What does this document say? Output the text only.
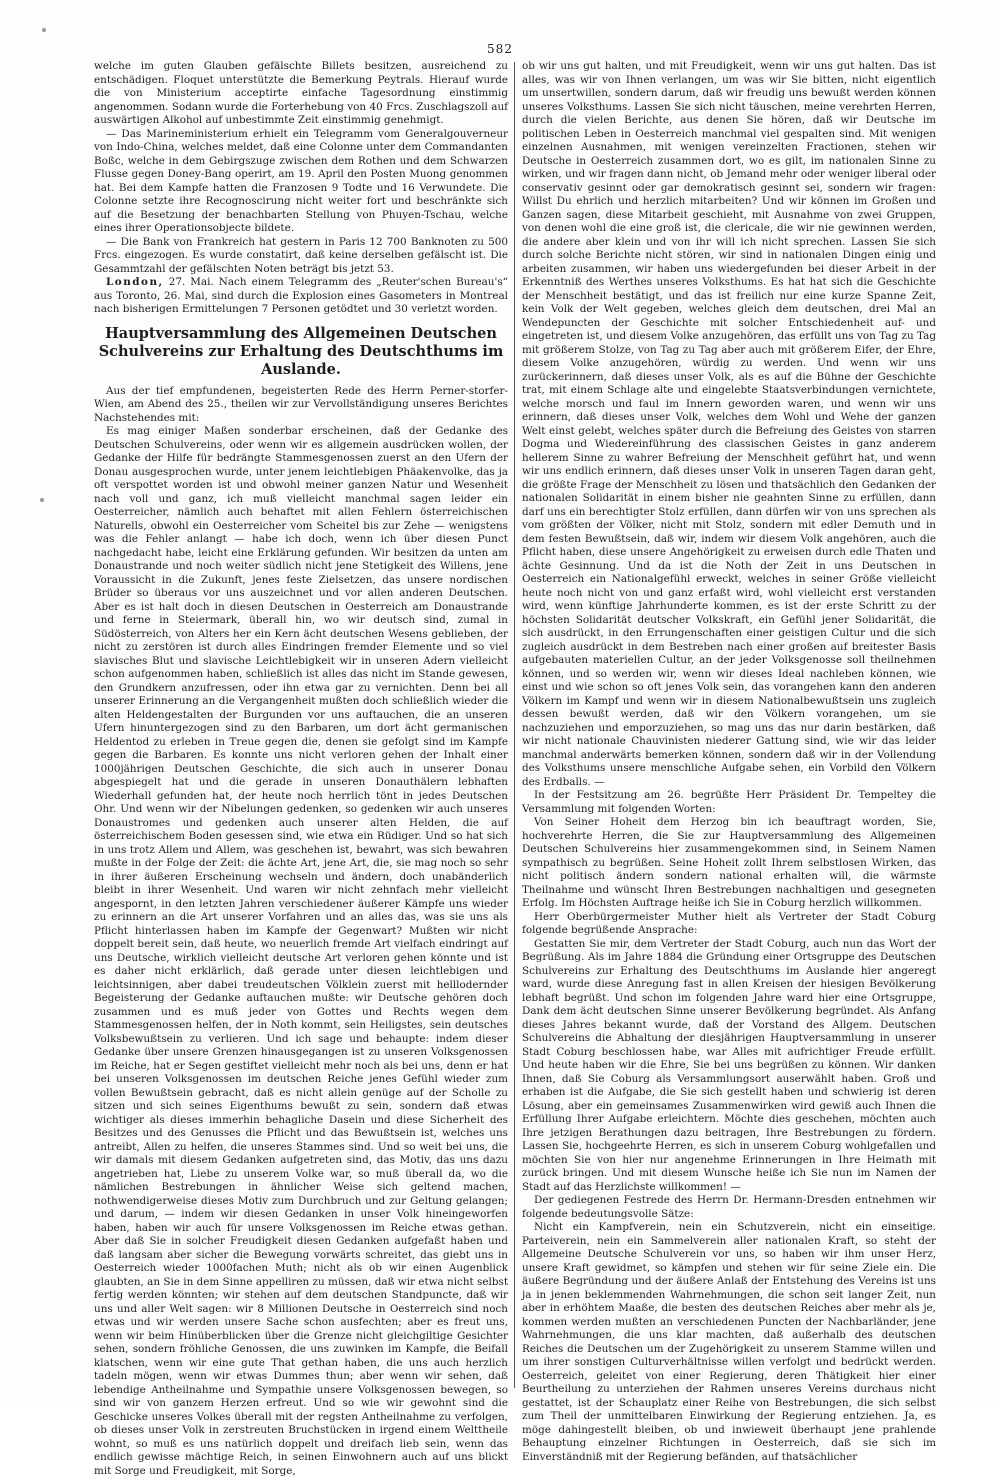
582

welche im guten Glauben gefälschte Billets besitzen, ausreichend zu entschädigen. Floquet unterstützte die Bemerkung Peytrals. Hierauf wurde die von Ministerium acceptirte einfache Tagesordnung einstimmig angenommen. Sodann wurde die Forterhebung von 40 Frcs. Zuschlagszoll auf auswärtigen Alkohol auf unbestimmte Zeit einstimmig genehmigt.

— Das Marineministerium erhielt ein Telegramm vom Generalgouverneur von Indo-China, welches meldet, daß eine Colonne unter dem Commandanten Boßc, welche in dem Gebirgszuge zwischen dem Rothen und dem Schwarzen Flusse gegen Doney-Bang operirt, am 19. April den Posten Muong genommen hat. Bei dem Kampfe hatten die Franzosen 9 Todte und 16 Verwundete. Die Colonne setzte ihre Recognoscirung nicht weiter fort und beschränkte sich auf die Besetzung der benachbarten Stellung von Phuyen-Tschau, welche eines ihrer Operationsobjecte bildete.

— Die Bank von Frankreich hat gestern in Paris 12 700 Banknoten zu 500 Frcs. eingezogen. Es wurde constatirt, daß keine derselben gefälscht ist. Die Gesammtzahl der gefälschten Noten beträgt bis jetzt 53.

London, 27. Mai. Nach einem Telegramm des „Reuter'schen Bureau's“ aus Toronto, 26. Mai, sind durch die Explosion eines Gasometers in Montreal nach bisherigen Ermittelungen 7 Personen getödtet und 30 verletzt worden.

Hauptversammlung des Allgemeinen Deutschen Schulvereins zur Erhaltung des Deutschthums im Auslande.

Aus der tief empfundenen, begeisterten Rede des Herrn Perner-storfer-Wien, am Abend des 25., theilen wir zur Vervollständigung unseres Berichtes Nachstehendes mit:

Es mag einiger Maßen sonderbar erscheinen, daß der Gedanke des Deutschen Schulvereins, oder wenn wir es allgemein ausdrücken wollen, der Gedanke der Hilfe für bedrängte Stammesgenossen zuerst an den Ufern der Donau ausgesprochen wurde, unter jenem leichtlebigen Phäakenvolke, das ja oft verspottet worden ist und obwohl meiner ganzen Natur und Wesenheit nach voll und ganz, ich muß vielleicht manchmal sagen leider ein Oesterreicher, nämlich auch behaftet mit allen Fehlern österreichischen Naturells, obwohl ein Oesterreicher vom Scheitel bis zur Zehe — wenigstens was die Fehler anlangt — habe ich doch, wenn ich über diesen Punct nachgedacht habe, leicht eine Erklärung gefunden. Wir besitzen da unten am Donaustrande und noch weiter südlich nicht jene Stetigkeit des Willens, jene Voraussicht in die Zukunft, jenes feste Zielsetzen, das unsere nordischen Brüder so überaus vor uns auszeichnet und vor allen anderen Deutschen. Aber es ist halt doch in diesen Deutschen in Oesterreich am Donaustrande und ferne in Steiermark, überall hin, wo wir deutsch sind, zumal in Südösterreich, von Alters her ein Kern ächt deutschen Wesens geblieben, der nicht zu zerstören ist durch alles Eindringen fremder Elemente und so viel slavisches Blut und slavische Leichtlebigkeit wir in unseren Adern vielleicht schon aufgenommen haben, schließlich ist alles das nicht im Stande gewesen, den Grundkern anzufressen, oder ihn etwa gar zu vernichten. Denn bei all unserer Erinnerung an die Vergangenheit mußten doch schließlich wieder die alten Heldengestalten der Burgunden vor uns auftauchen, die an unseren Ufern hinuntergezogen sind zu den Barbaren, um dort ächt germanischen Heldentod zu erleben in Treue gegen die, denen sie gefolgt sind im Kampfe gegen die Barbaren. Es konnte uns nicht verloren gehen der Inhalt einer 1000jährigen Deutschen Geschichte, die sich auch in unserer Donau abgespiegelt hat und die gerade in unseren Donauthälern lebhaften Wiederhall gefunden hat, der heute noch herrlich tönt in jedes Deutschen Ohr. Und wenn wir der Nibelungen gedenken, so gedenken wir auch unseres Donaustromes und gedenken auch unserer alten Helden, die auf österreichischem Boden gesessen sind, wie etwa ein Rüdiger. Und so hat sich in uns trotz Allem und Allem, was geschehen ist, bewahrt, was sich bewahren mußte in der Folge der Zeit: die ächte Art, jene Art, die, sie mag noch so sehr in ihrer äußeren Erscheinung wechseln und ändern, doch unabänderlich bleibt in ihrer Wesenheit. Und waren wir nicht zehnfach mehr vielleicht angespornt, in den letzten Jahren verschiedener äußerer Kämpfe uns wieder zu erinnern an die Art unserer Vorfahren und an alles das, was sie uns als Pflicht hinterlassen haben im Kampfe der Gegenwart? Mußten wir nicht doppelt bereit sein, daß heute, wo neuerlich fremde Art vielfach eindringt auf uns Deutsche, wirklich vielleicht deutsche Art verloren gehen könnte und ist es daher nicht erklärlich, daß gerade unter diesen leichtlebigen und leichtsinnigen, aber dabei treudeutschen Völklein zuerst mit helllodernder Begeisterung der Gedanke auftauchen mußte: wir Deutsche gehören doch zusammen und es muß jeder von Gottes und Rechts wegen dem Stammesgenossen helfen, der in Noth kommt, sein Heiligstes, sein deutsches Volksbewußtsein zu verlieren. Und ich sage und behaupte: indem dieser Gedanke über unsere Grenzen hinausgegangen ist zu unseren Volksgenossen im Reiche, hat er Segen gestiftet vielleicht mehr noch als bei uns, denn er hat bei unseren Volksgenossen im deutschen Reiche jenes Gefühl wieder zum vollen Bewußtsein gebracht, daß es nicht allein genüge auf der Scholle zu sitzen und sich seines Eigenthums bewußt zu sein, sondern daß etwas wichtiger als dieses immerhin behagliche Dasein und diese Sicherheit des Besitzes und des Genusses die Pflicht und das Bewußtsein ist, welches uns antreibt, Allen zu helfen, die unseres Stammes sind. Und so weit bei uns, die wir damals mit diesem Gedanken aufgetreten sind, das Motiv, das uns dazu angetrieben hat, Liebe zu unserem Volke war, so muß überall da, wo die nämlichen Bestrebungen in ähnlicher Weise sich geltend machen, nothwendigerweise dieses Motiv zum Durchbruch und zur Geltung gelangen; und darum, — indem wir diesen Gedanken in unser Volk hineingeworfen haben, haben wir auch für unsere Volksgenossen im Reiche etwas gethan. Aber daß Sie in solcher Freudigkeit diesen Gedanken aufgefaßt haben und daß langsam aber sicher die Bewegung vorwärts schreitet, das giebt uns in Oesterreich wieder 1000fachen Muth; nicht als ob wir einen Augenblick glaubten, an Sie in dem Sinne appelliren zu müssen, daß wir etwa nicht selbst fertig werden könnten; wir stehen auf dem deutschen Standpuncte, daß wir uns und aller Welt sagen: wir 8 Millionen Deutsche in Oesterreich sind noch etwas und wir werden unsere Sache schon ausfechten; aber es freut uns, wenn wir beim Hinüberblicken über die Grenze nicht gleichgiltige Gesichter sehen, sondern fröhliche Genossen, die uns zuwinken im Kampfe, die Beifall klatschen, wenn wir eine gute That gethan haben, die uns auch herzlich tadeln mögen, wenn wir etwas Dummes thun; aber wenn wir sehen, daß lebendige Antheilnahme und Sympathie unsere Volksgenossen bewegen, so sind wir von ganzem Herzen erfreut. Und so wie wir gewohnt sind die Geschicke unseres Volkes überall mit der regsten Antheilnahme zu verfolgen, ob dieses unser Volk in zerstreuten Bruchstücken in irgend einem Welttheile wohnt, so muß es uns natürlich doppelt und dreifach lieb sein, wenn das endlich gewisse mächtige Reich, in seinen Einwohnern auch auf uns blickt mit Sorge und Freudigkeit, mit Sorge,

ob wir uns gut halten, und mit Freudigkeit, wenn wir uns gut halten. Das ist alles, was wir von Ihnen verlangen, um was wir Sie bitten, nicht eigentlich um unsertwillen, sondern darum, daß wir freudig uns bewußt werden können unseres Volksthums. Lassen Sie sich nicht täuschen, meine verehrten Herren, durch die vielen Berichte, aus denen Sie hören, daß wir Deutsche im politischen Leben in Oesterreich manchmal viel gespalten sind. Mit wenigen einzelnen Ausnahmen, mit wenigen vereinzelten Fractionen, stehen wir Deutsche in Oesterreich zusammen dort, wo es gilt, im nationalen Sinne zu wirken, und wir fragen dann nicht, ob Jemand mehr oder weniger liberal oder conservativ gesinnt oder gar demokratisch gesinnt sei, sondern wir fragen: Willst Du ehrlich und herzlich mitarbeiten? Und wir können im Großen und Ganzen sagen, diese Mitarbeit geschieht, mit Ausnahme von zwei Gruppen, von denen wohl die eine groß ist, die clericale, die wir nie gewinnen werden, die andere aber klein und von ihr will ich nicht sprechen. Lassen Sie sich durch solche Berichte nicht stören, wir sind in nationalen Dingen einig und arbeiten zusammen, wir haben uns wiedergefunden bei dieser Arbeit in der Erkenntniß des Werthes unseres Volksthums. Es hat hat sich die Geschichte der Menschheit bestätigt, und das ist freilich nur eine kurze Spanne Zeit, kein Volk der Welt gegeben, welches gleich dem deutschen, drei Mal an Wendepuncten der Geschichte mit solcher Entschiedenheit auf- und eingetreten ist, und diesem Volke anzugehören, das erfüllt uns von Tag zu Tag mit größerem Stolze, von Tag zu Tag aber auch mit größerem Eifer, der Ehre, diesem Volke anzugehören, würdig zu werden. Und wenn wir uns zurückerinnern, daß dieses unser Volk, als es auf die Bühne der Geschichte trat, mit einem Schlage alte und eingelebte Staatsverbindungen vernichtete, welche morsch und faul im Innern geworden waren, und wenn wir uns erinnern, daß dieses unser Volk, welches dem Wohl und Wehe der ganzen Welt einst gelebt, welches später durch die Befreiung des Geistes von starren Dogma und Wiedereinführung des classischen Geistes in ganz anderem hellerem Sinne zu wahrer Befreiung der Menschheit geführt hat, und wenn wir uns endlich erinnern, daß dieses unser Volk in unseren Tagen daran geht, die größte Frage der Menschheit zu lösen und thatsächlich den Gedanken der nationalen Solidarität in einem bisher nie geahnten Sinne zu erfüllen, dann darf uns ein berechtigter Stolz erfüllen, dann dürfen wir von uns sprechen als vom größten der Völker, nicht mit Stolz, sondern mit edler Demuth und in dem festen Bewußtsein, daß wir, indem wir diesem Volk angehören, auch die Pflicht haben, diese unsere Angehörigkeit zu erweisen durch edle Thaten und ächte Gesinnung. Und da ist die Noth der Zeit in uns Deutschen in Oesterreich ein Nationalgefühl erweckt, welches in seiner Größe vielleicht heute noch nicht von und ganz erfaßt wird, wohl vielleicht erst verstanden wird, wenn künftige Jahrhunderte kommen, es ist der erste Schritt zu der höchsten Solidarität deutscher Volkskraft, ein Gefühl jener Solidarität, die sich ausdrückt, in den Errungenschaften einer geistigen Cultur und die sich zugleich ausdrückt in dem Bestreben nach einer großen auf breitester Basis aufgebauten materiellen Cultur, an der jeder Volksgenosse soll theilnehmen können, und so werden wir, wenn wir dieses Ideal nachleben können, wie einst und wie schon so oft jenes Volk sein, das vorangehen kann den anderen Völkern im Kampf und wenn wir in diesem Nationalbewußtsein uns zugleich dessen bewußt werden, daß wir den Völkern vorangehen, um sie nachzuziehen und emporzuziehen, so mag uns das nur darin bestärken, daß wir nicht nationale Chauvinisten niederer Gattung sind, wie wir das leider manchmal anderwärts bemerken können, sondern daß wir in der Vollendung des Volksthums unsere menschliche Aufgabe sehen, ein Vorbild den Völkern des Erdballs. —

In der Festsitzung am 26. begrüßte Herr Präsident Dr. Tempeltey die Versammlung mit folgenden Worten:

Von Seiner Hoheit dem Herzog bin ich beauftragt worden, Sie, hochverehrte Herren, die Sie zur Hauptversammlung des Allgemeinen Deutschen Schulvereins hier zusammengekommen sind, in Seinem Namen sympathisch zu begrüßen. Seine Hoheit zollt Ihrem selbstlosen Wirken, das nicht politisch ändern sondern national erhalten will, die wärmste Theilnahme und wünscht Ihren Bestrebungen nachhaltigen und gesegneten Erfolg. Im Höchsten Auftrage heiße ich Sie in Coburg herzlich willkommen.

Herr Oberbürgermeister Muther hielt als Vertreter der Stadt Coburg folgende begrüßende Ansprache:

Gestatten Sie mir, dem Vertreter der Stadt Coburg, auch nun das Wort der Begrüßung. Als im Jahre 1884 die Gründung einer Ortsgruppe des Deutschen Schulvereins zur Erhaltung des Deutschthums im Auslande hier angeregt ward, wurde diese Anregung fast in allen Kreisen der hiesigen Bevölkerung lebhaft begrüßt. Und schon im folgenden Jahre ward hier eine Ortsgruppe, Dank dem ächt deutschen Sinne unserer Bevölkerung begründet. Als Anfang dieses Jahres bekannt wurde, daß der Vorstand des Allgem. Deutschen Schulvereins die Abhaltung der diesjährigen Hauptversammlung in unserer Stadt Coburg beschlossen habe, war Alles mit aufrichtiger Freude erfüllt. Und heute haben wir die Ehre, Sie bei uns begrüßen zu können. Wir danken Ihnen, daß Sie Coburg als Versammlungsort auserwählt haben. Groß und erhaben ist die Aufgabe, die Sie sich gestellt haben und schwierig ist deren Lösung, aber ein gemeinsames Zusammenwirken wird gewiß auch Ihnen die Erfüllung Ihrer Aufgabe erleichtern. Möchte dies geschehen, möchten auch Ihre jetzigen Berathungen dazu beitragen, Ihre Bestrebungen zu fördern. Lassen Sie, hochgeehrte Herren, es sich in unserem Coburg wohlgefallen und möchten Sie von hier nur angenehme Erinnerungen in Ihre Heimath mit zurück bringen. Und mit diesem Wunsche heiße ich Sie nun im Namen der Stadt auf das Herzlichste willkommen! —

Der gediegenen Festrede des Herrn Dr. Hermann-Dresden entnehmen wir folgende bedeutungsvolle Sätze:

Nicht ein Kampfverein, nein ein Schutzverein, nicht ein einseitige. Parteiverein, nein ein Sammelverein aller nationalen Kraft, so steht der Allgemeine Deutsche Schulverein vor uns, so haben wir ihm unser Herz, unsere Kraft gewidmet, so kämpfen und stehen wir für seine Ziele ein. Die äußere Begründung und der äußere Anlaß der Entstehung des Vereins ist uns ja in jenen beklemmenden Wahrnehmungen, die schon seit langer Zeit, nun aber in erhöhtem Maaße, die besten des deutschen Reiches aber mehr als je, kommen werden mußten an verschiedenen Puncten der Nachbarländer, jene Wahrnehmungen, die uns klar machten, daß außerhalb des deutschen Reiches die Deutschen um der Zugehörigkeit zu unserem Stamme willen und um ihrer sonstigen Culturverhältnisse willen verfolgt und bedrückt werden. Oesterreich, geleitet von einer Regierung, deren Thätigkeit hier einer Beurtheilung zu unterziehen der Rahmen unseres Vereins durchaus nicht gestattet, ist der Schauplatz einer Reihe von Bestrebungen, die sich selbst zum Theil der unmittelbaren Einwirkung der Regierung entziehen. Ja, es möge dahingestellt bleiben, ob und inwieweit überhaupt jene prahlende Behauptung einzelner Richtungen in Oesterreich, daß sie sich im Einverständniß mit der Regierung befänden, auf thatsächlicher
